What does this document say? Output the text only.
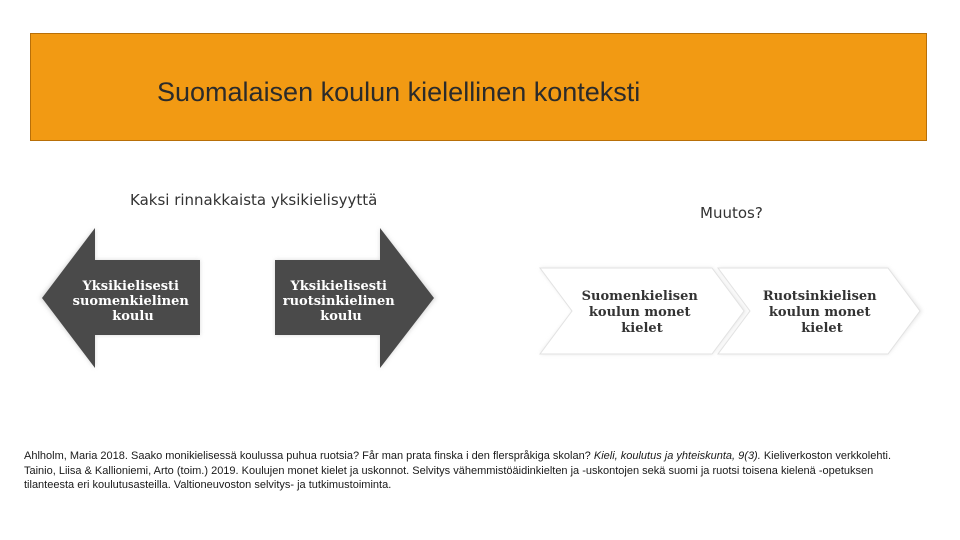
Suomalaisen koulun kielellinen konteksti
Kaksi rinnakkaista yksikielisyyttä
Muutos?
Yksikielisesti suomenkielinen koulu
Yksikielisesti ruotsinkielinen koulu
Suomenkielisen koulun monet kielet
Ruotsinkielisen koulun monet kielet

Ahlholm, Maria 2018. Saako monikielisessä koulussa puhua ruotsia? Får man prata finska i den flerspråkiga skolan? Kieli, koulutus ja yhteiskunta, 9(3). Kieliverkoston verkkolehti.

Tainio, Liisa & Kallioniemi, Arto (toim.) 2019. Koulujen monet kielet ja uskonnot. Selvitys vähemmistöäidinkielten ja -uskontojen sekä suomi ja ruotsi toisena kielenä -opetuksen tilanteesta eri koulutusasteilla. Valtioneuvoston selvitys- ja tutkimustoiminta.
